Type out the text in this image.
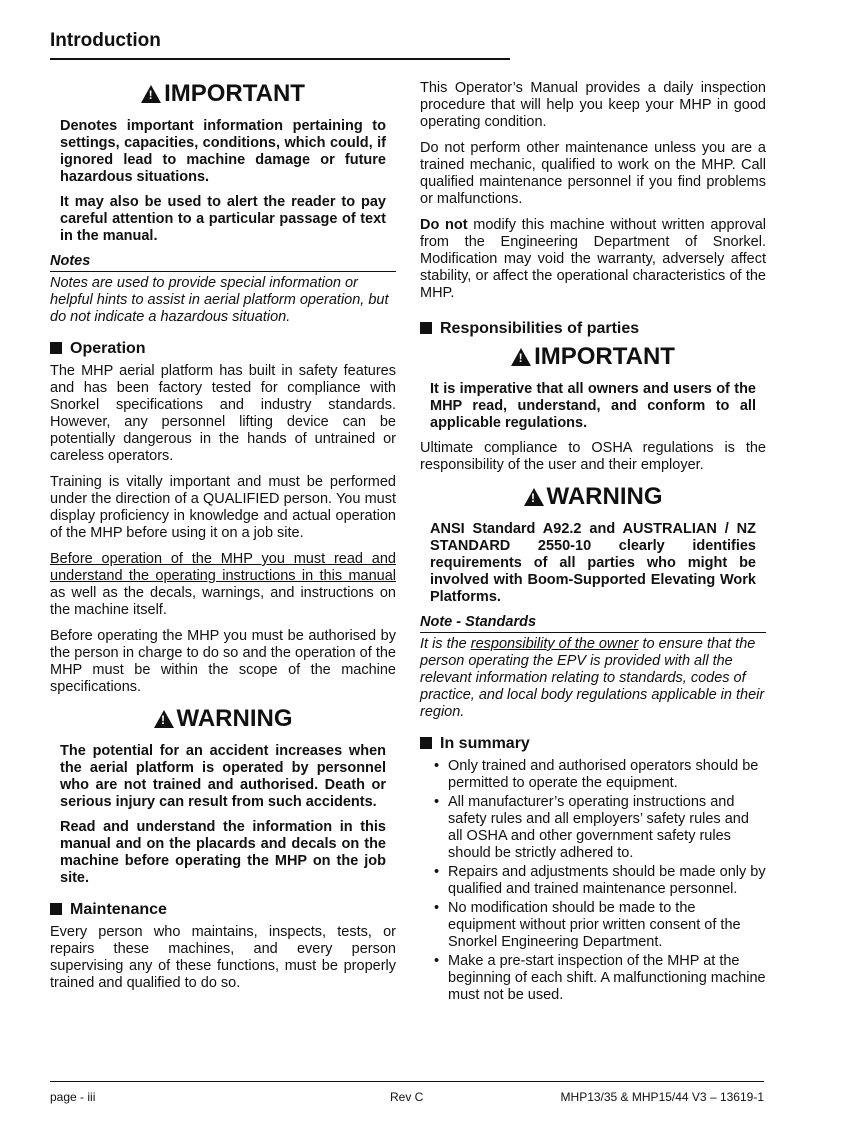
Introduction
!IMPORTANT

Denotes important information pertaining to settings, capacities, conditions, which could, if ignored lead to machine damage or future hazardous situations.

It may also be used to alert the reader to pay careful attention to a particular passage of text in the manual.

Notes

Notes are used to provide special information or helpful hints to assist in aerial platform operation, but do not indicate a hazardous situation.

Operation

The MHP aerial platform has built in safety features and has been factory tested for compliance with Snorkel specifications and industry standards. However, any personnel lifting device can be potentially dangerous in the hands of untrained or careless operators.

Training is vitally important and must be performed under the direction of a QUALIFIED person. You must display proficiency in knowledge and actual operation of the MHP before using it on a job site.

Before operation of the MHP you must read and understand the operating instructions in this manual as well as the decals, warnings, and instructions on the machine itself.

Before operating the MHP you must be authorised by the person in charge to do so and the operation of the MHP must be within the scope of the machine specifications.

!WARNING

The potential for an accident increases when the aerial platform is operated by personnel who are not trained and authorised. Death or serious injury can result from such accidents.

Read and understand the information in this manual and on the placards and decals on the machine before operating the MHP on the job site.

Maintenance

Every person who maintains, inspects, tests, or repairs these machines, and every person supervising any of these functions, must be properly trained and qualified to do so.

This Operator’s Manual provides a daily inspection procedure that will help you keep your MHP in good operating condition.

Do not perform other maintenance unless you are a trained mechanic, qualified to work on the MHP. Call qualified maintenance personnel if you find problems or malfunctions.

Do not modify this machine without written approval from the Engineering Department of Snorkel. Modification may void the warranty, adversely affect stability, or affect the operational characteristics of the MHP.

Responsibilities of parties
!IMPORTANT

It is imperative that all owners and users of the MHP read, understand, and conform to all applicable regulations.

Ultimate compliance to OSHA regulations is the responsibility of the user and their employer.

!WARNING

ANSI Standard A92.2 and AUSTRALIAN / NZ STANDARD 2550-10 clearly identifies requirements of all parties who might be involved with Boom-Supported Elevating Work Platforms.

Note - Standards

It is the responsibility of the owner to ensure that the person operating the EPV is provided with all the relevant information relating to standards, codes of practice, and local body regulations applicable in their region.

In summary
• Only trained and authorised operators should be permitted to operate the equipment.
• All manufacturer’s operating instructions and safety rules and all employers’ safety rules and all OSHA and other government safety rules should be strictly adhered to.
• Repairs and adjustments should be made only by qualified and trained maintenance personnel.
• No modification should be made to the equipment without prior written consent of the Snorkel Engineering Department.
• Make a pre-start inspection of the MHP at the beginning of each shift. A malfunctioning machine must not be used.
page - iii	Rev C	MHP13/35 & MHP15/44 V3 – 13619-1
